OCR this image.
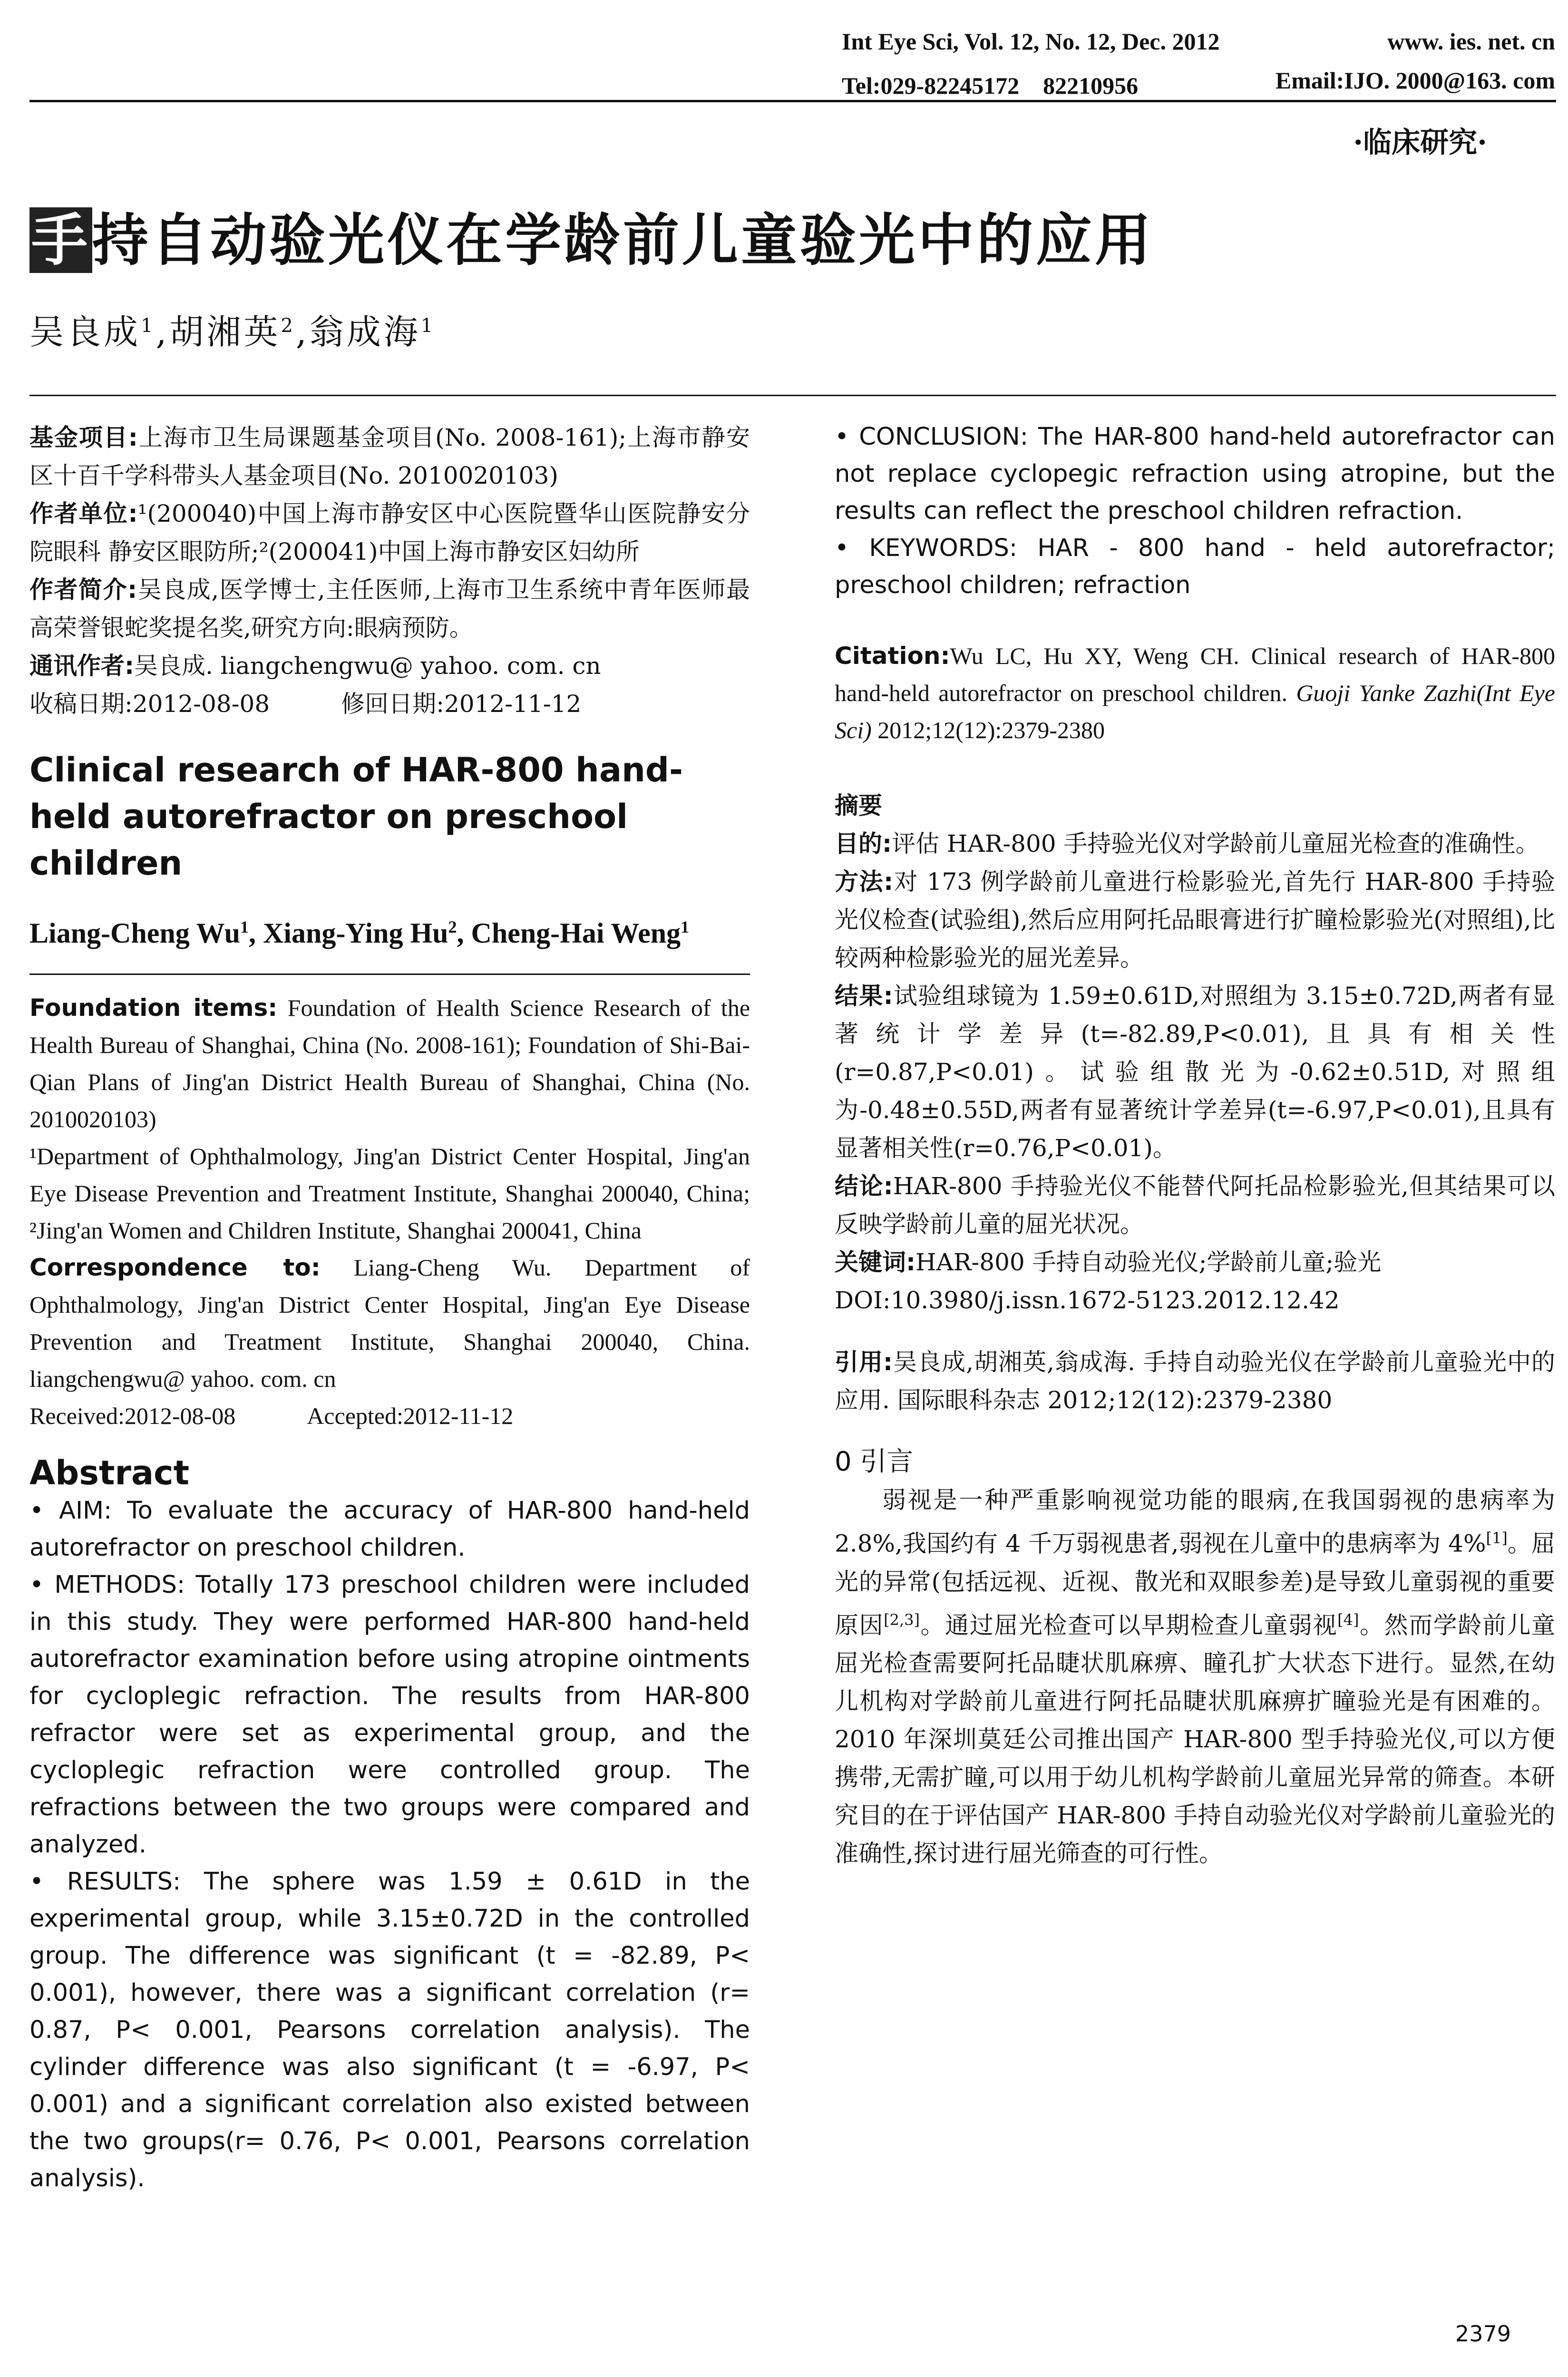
Int Eye Sci, Vol. 12, No. 12, Dec. 2012	www. ies. net. cn
Tel:029-82245172　82210956	Email:IJO. 2000@163. com
·临床研究·
手持自动验光仪在学龄前儿童验光中的应用
吴良成$^1$,胡湘英$^2$,翁成海$^1$

基金项目:上海市卫生局课题基金项目(No. 2008-161);上海市静安区十百千学科带头人基金项目(No. 2010020103)

作者单位:¹(200040)中国上海市静安区中心医院暨华山医院静安分院眼科 静安区眼防所;²(200041)中国上海市静安区妇幼所

作者简介:吴良成,医学博士,主任医师,上海市卫生系统中青年医师最高荣誉银蛇奖提名奖,研究方向:眼病预防。

通讯作者:吴良成. liangchengwu@ yahoo. com. cn

收稿日期:2012-08-08　　　	修回日期:2012-11-12

Clinical research of HAR-800 hand-held autorefractor on preschool children
Liang-Cheng Wu$^1$, Xiang-Ying Hu$^2$, Cheng-Hai Weng$^1$

Foundation items: Foundation of Health Science Research of the Health Bureau of Shanghai, China (No. 2008-161); Foundation of Shi-Bai-Qian Plans of Jing'an District Health Bureau of Shanghai, China (No. 2010020103)

¹Department of Ophthalmology, Jing'an District Center Hospital, Jing'an Eye Disease Prevention and Treatment Institute, Shanghai 200040, China; ²Jing'an Women and Children Institute, Shanghai 200041, China

Correspondence to: Liang-Cheng Wu. Department of Ophthalmology, Jing'an District Center Hospital, Jing'an Eye Disease Prevention and Treatment Institute, Shanghai 200040, China. liangchengwu@ yahoo. com. cn

Received:2012-08-08　　　	Accepted:2012-11-12

Abstract

• AIM: To evaluate the accuracy of HAR-800 hand-held autorefractor on preschool children.

• METHODS: Totally 173 preschool children were included in this study. They were performed HAR-800 hand-held autorefractor examination before using atropine ointments for cycloplegic refraction. The results from HAR-800 refractor were set as experimental group, and the cycloplegic refraction were controlled group. The refractions between the two groups were compared and analyzed.

• RESULTS: The sphere was 1.59 ± 0.61D in the experimental group, while 3.15±0.72D in the controlled group. The difference was significant (t = -82.89, P< 0.001), however, there was a significant correlation (r= 0.87, P< 0.001, Pearsons correlation analysis). The cylinder difference was also significant (t = -6.97, P< 0.001) and a significant correlation also existed between the two groups(r= 0.76, P< 0.001, Pearsons correlation analysis).

• CONCLUSION: The HAR-800 hand-held autorefractor can not replace cyclopegic refraction using atropine, but the results can reflect the preschool children refraction.

• KEYWORDS: HAR - 800 hand - held autorefractor; preschool children; refraction

Citation:Wu LC, Hu XY, Weng CH. Clinical research of HAR-800 hand-held autorefractor on preschool children. Guoji Yanke Zazhi(Int Eye Sci) 2012;12(12):2379-2380

摘要

目的:评估 HAR-800 手持验光仪对学龄前儿童屈光检查的准确性。

方法:对 173 例学龄前儿童进行检影验光,首先行 HAR-800 手持验光仪检查(试验组),然后应用阿托品眼膏进行扩瞳检影验光(对照组),比较两种检影验光的屈光差异。

结果:试验组球镜为 1.59±0.61D,对照组为 3.15±0.72D,两者有显著统计学差异(t=-82.89,P<0.01),且具有相关性(r=0.87,P<0.01)。试验组散光为-0.62±0.51D,对照组为-0.48±0.55D,两者有显著统计学差异(t=-6.97,P<0.01),且具有显著相关性(r=0.76,P<0.01)。

结论:HAR-800 手持验光仪不能替代阿托品检影验光,但其结果可以反映学龄前儿童的屈光状况。

关键词:HAR-800 手持自动验光仪;学龄前儿童;验光

DOI:10.3980/j.issn.1672-5123.2012.12.42

引用:吴良成,胡湘英,翁成海. 手持自动验光仪在学龄前儿童验光中的应用. 国际眼科杂志 2012;12(12):2379-2380

0 引言

弱视是一种严重影响视觉功能的眼病,在我国弱视的患病率为 2.8%,我国约有 4 千万弱视患者,弱视在儿童中的患病率为 4%[1]。屈光的异常(包括远视、近视、散光和双眼参差)是导致儿童弱视的重要原因[2,3]。通过屈光检查可以早期检查儿童弱视[4]。然而学龄前儿童屈光检查需要阿托品睫状肌麻痹、瞳孔扩大状态下进行。显然,在幼儿机构对学龄前儿童进行阿托品睫状肌麻痹扩瞳验光是有困难的。2010 年深圳莫廷公司推出国产 HAR-800 型手持验光仪,可以方便携带,无需扩瞳,可以用于幼儿机构学龄前儿童屈光异常的筛查。本研究目的在于评估国产 HAR-800 手持自动验光仪对学龄前儿童验光的准确性,探讨进行屈光筛查的可行性。

2379
